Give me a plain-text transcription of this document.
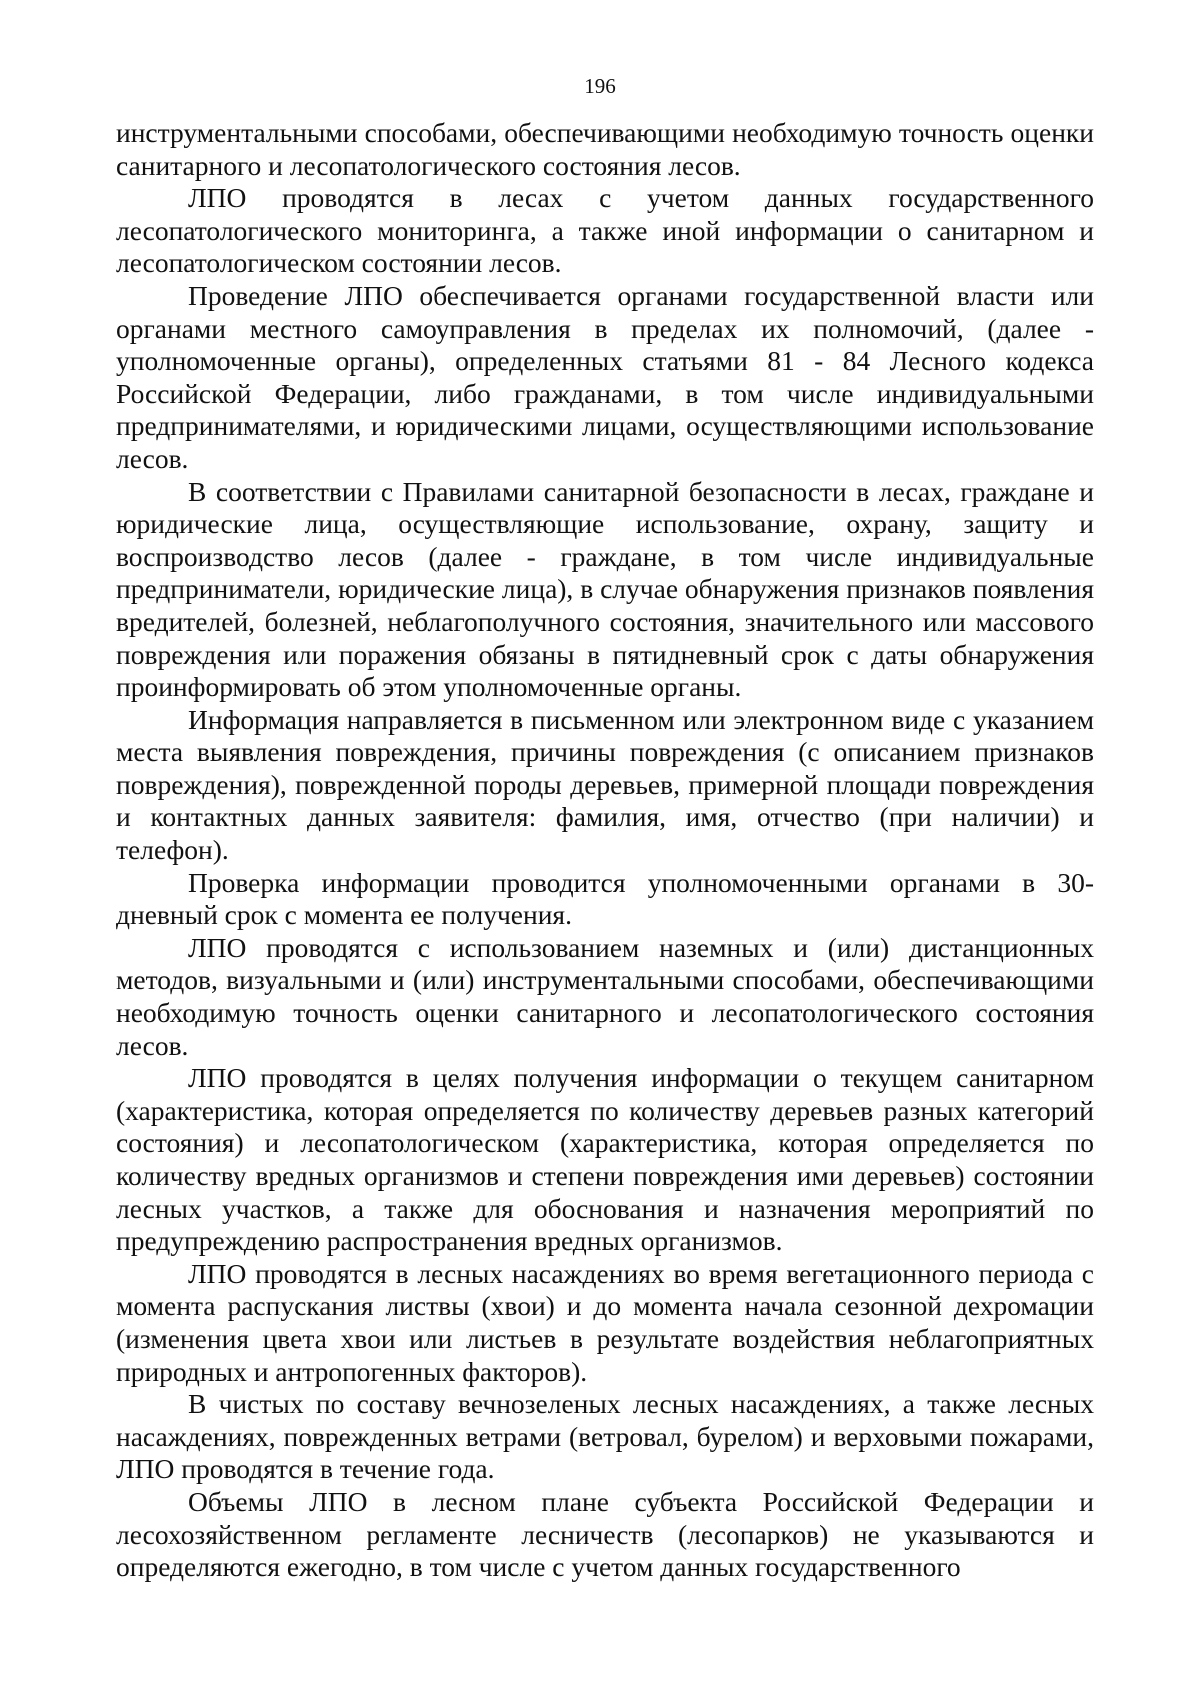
196

инструментальными способами, обеспечивающими необходимую точность оценки санитарного и лесопатологического состояния лесов.

ЛПО проводятся в лесах с учетом данных государственного лесопатологического мониторинга, а также иной информации о санитарном и лесопатологическом состоянии лесов.

Проведение ЛПО обеспечивается органами государственной власти или органами местного самоуправления в пределах их полномочий, (далее - уполномоченные органы), определенных статьями 81 - 84 Лесного кодекса Российской Федерации, либо гражданами, в том числе индивидуальными предпринимателями, и юридическими лицами, осуществляющими использование лесов.

В соответствии с Правилами санитарной безопасности в лесах, граждане и юридические лица, осуществляющие использование, охрану, защиту и воспроизводство лесов (далее - граждане, в том числе индивидуальные предприниматели, юридические лица), в случае обнаружения признаков появления вредителей, болезней, неблагополучного состояния, значительного или массового повреждения или поражения обязаны в пятидневный срок с даты обнаружения проинформировать об этом уполномоченные органы.

Информация направляется в письменном или электронном виде с указанием места выявления повреждения, причины повреждения (с описанием признаков повреждения), поврежденной породы деревьев, примерной площади повреждения и контактных данных заявителя: фамилия, имя, отчество (при наличии) и телефон).

Проверка информации проводится уполномоченными органами в 30-дневный срок с момента ее получения.

ЛПО проводятся с использованием наземных и (или) дистанционных методов, визуальными и (или) инструментальными способами, обеспечивающими необходимую точность оценки санитарного и лесопатологического состояния лесов.

ЛПО проводятся в целях получения информации о текущем санитарном (характеристика, которая определяется по количеству деревьев разных категорий состояния) и лесопатологическом (характеристика, которая определяется по количеству вредных организмов и степени повреждения ими деревьев) состоянии лесных участков, а также для обоснования и назначения мероприятий по предупреждению распространения вредных организмов.

ЛПО проводятся в лесных насаждениях во время вегетационного периода с момента распускания листвы (хвои) и до момента начала сезонной дехромации (изменения цвета хвои или листьев в результате воздействия неблагоприятных природных и антропогенных факторов).

В чистых по составу вечнозеленых лесных насаждениях, а также лесных насаждениях, поврежденных ветрами (ветровал, бурелом) и верховыми пожарами, ЛПО проводятся в течение года.

Объемы ЛПО в лесном плане субъекта Российской Федерации и лесохозяйственном регламенте лесничеств (лесопарков) не указываются и определяются ежегодно, в том числе с учетом данных государственного
